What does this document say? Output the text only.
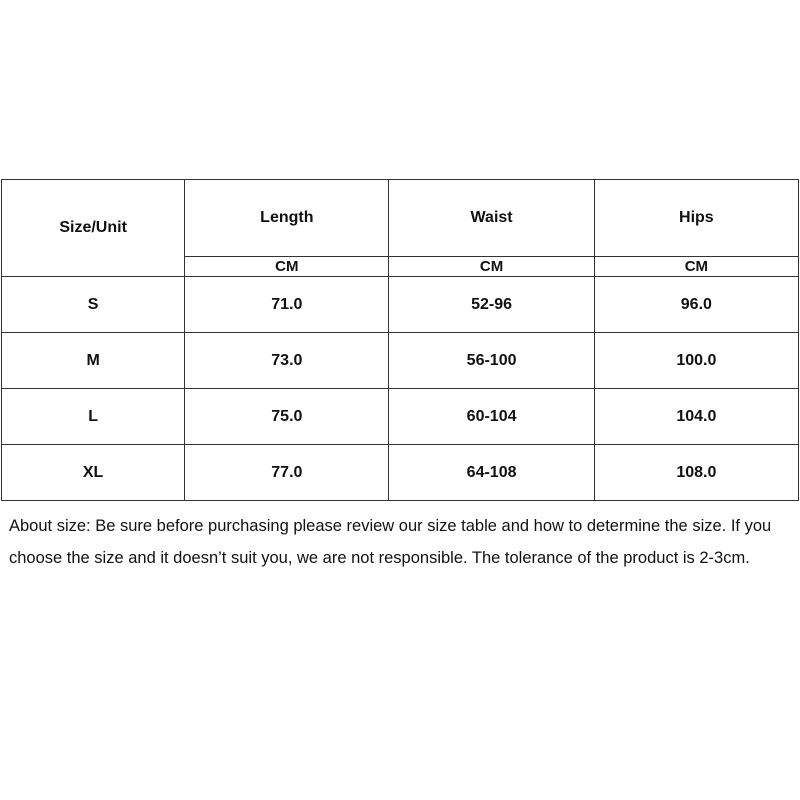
Size/Unit	Length	Waist	Hips
	CM	CM	CM
S	71.0	52-96	96.0
M	73.0	56-100	100.0
L	75.0	60-104	104.0
XL	77.0	64-108	108.0

About size: Be sure before purchasing please review our size table and how to determine the size. If you choose the size and it doesn’t suit you, we are not responsible. The tolerance of the product is 2-3cm.
